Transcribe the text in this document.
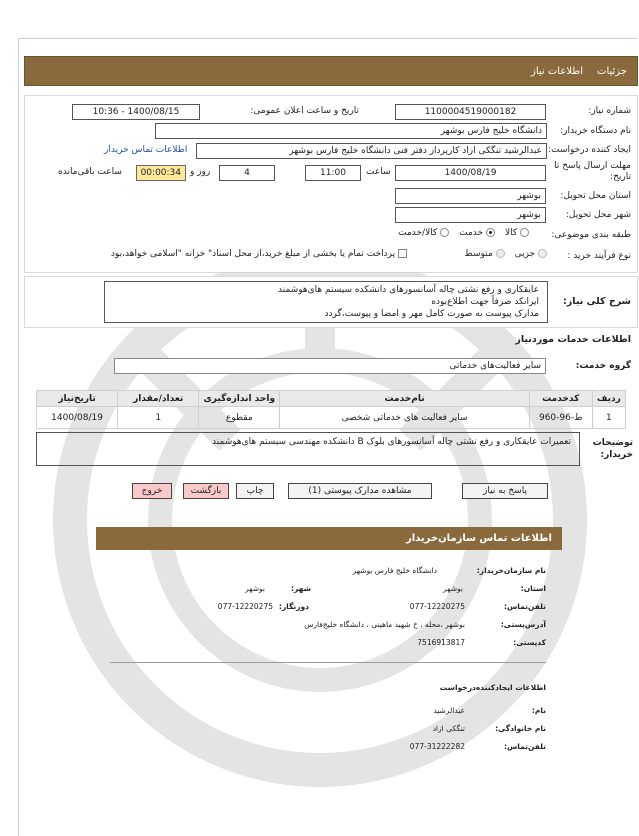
جزئیات
اطلاعات نیاز
شماره نیاز:
1100004519000182
تاریخ و ساعت اعلان عمومی:
1400/08/15 - 10:36
نام دستگاه خریدار:
دانشگاه خلیج فارس بوشهر
ایجاد کننده درخواست:
عبدالرشید تنگکی ازاد کارپرداز دفتر فنی دانشگاه خلیج فارس بوشهر
اطلاعات تماس خریدار
مهلت ارسال پاسخ تا تاریخ:
1400/08/19
ساعت
11:00
4
روز و
00:00:34
ساعت باقی‌مانده
استان محل تحویل:
بوشهر
شهر محل تحویل:
بوشهر
طبقه بندی موضوعی:
کالا
خدمت
کالا/خدمت
نوع فرآیند خرید :
جزیی
متوسط
پرداخت تمام یا بخشی از مبلغ خرید،از محل اسناد" خزانه "اسلامی خواهد،بود
شرح کلی نیاز:
عایقکاری و رفع نشتی چاله آسانسورهای دانشکده سیستم های‌هوشمند
ایرانکد صرفاً جهت اطلاع‌بوده
مدارک پیوست به صورت کامل مهر و امضا و پیوست،گردد
اطلاعات خدمات موردنیاز
گروه خدمت:
سایر فعالیت‌های خدماتی
ردیف	کدخدمت	نام‌خدمت	واحد اندازه‌گیری	تعداد/مقدار	تاریخ‌نیاز
1	ط-96-960	سایر فعالیت های خدماتی شخصی	مقطوع	1	1400/08/19
توضیحات خریدار:
تعمیرات عایقکاری و رفع نشتی چاله آسانسورهای بلوک B دانشکده مهندسی سیستم های‌هوشمند
پاسخ به نیاز
مشاهده مدارک پیوستی (1)
چاپ
بازگشت
خروج
اطلاعات تماس سازمان‌خریدار
نام سازمان‌خریدار:
دانشگاه خلیج فارس بوشهر
استان:
بوشهر
شهر:
بوشهر
تلفن‌تماس:
077-12220275
دورنگار:
077-12220275
آدرس‌پستی:
بوشهر ،محله ، خ شهید ماهینی ، دانشگاه خلیج‌فارس
کدپستی:
7516913817
اطلاعات ایجادکننده‌درخواست
نام:
عبدالرشید
نام خانوادگی:
تنگکی ازاد
تلفن‌تماس:
077-31222282
